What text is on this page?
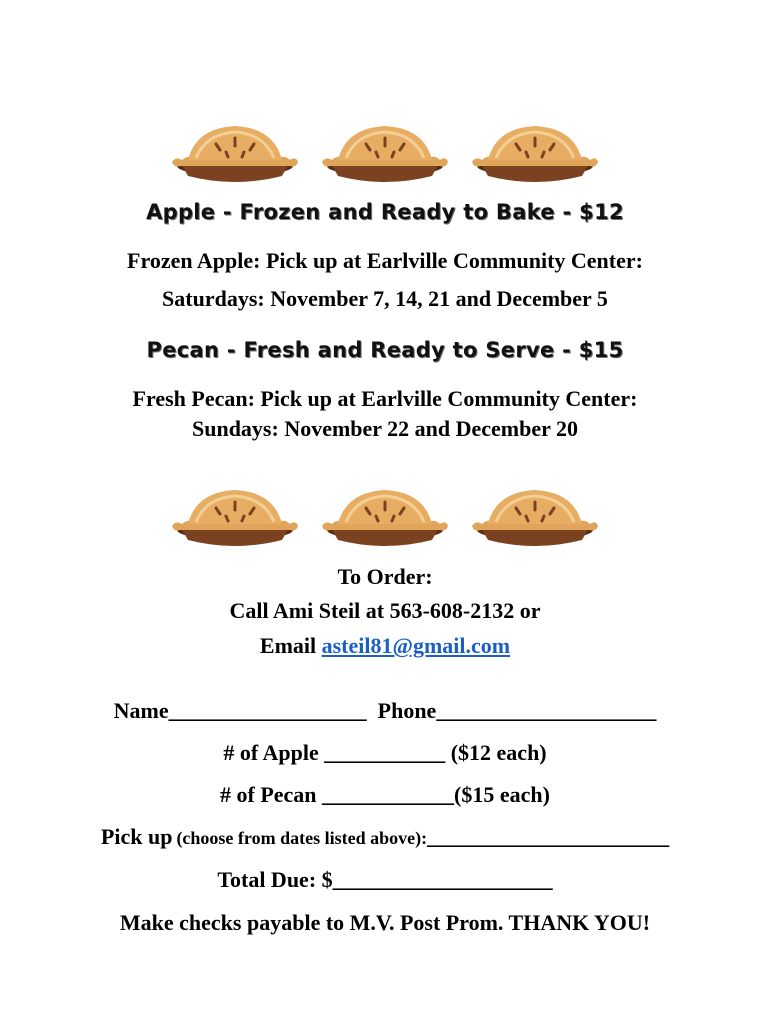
Apple - Frozen and Ready to Bake - $12
Frozen Apple: Pick up at Earlville Community Center:
Saturdays: November 7, 14, 21 and December 5
Pecan - Fresh and Ready to Serve - $15
Fresh Pecan: Pick up at Earlville Community Center:
Sundays: November 22 and December 20
To Order:
Call Ami Steil at 563-608-2132 or
Email asteil81@gmail.com
Name__________________ Phone____________________
# of Apple ___________ ($12 each)
# of Pecan ____________($15 each)
Pick up (choose from dates listed above):______________________
Total Due: $____________________
Make checks payable to M.V. Post Prom. THANK YOU!
